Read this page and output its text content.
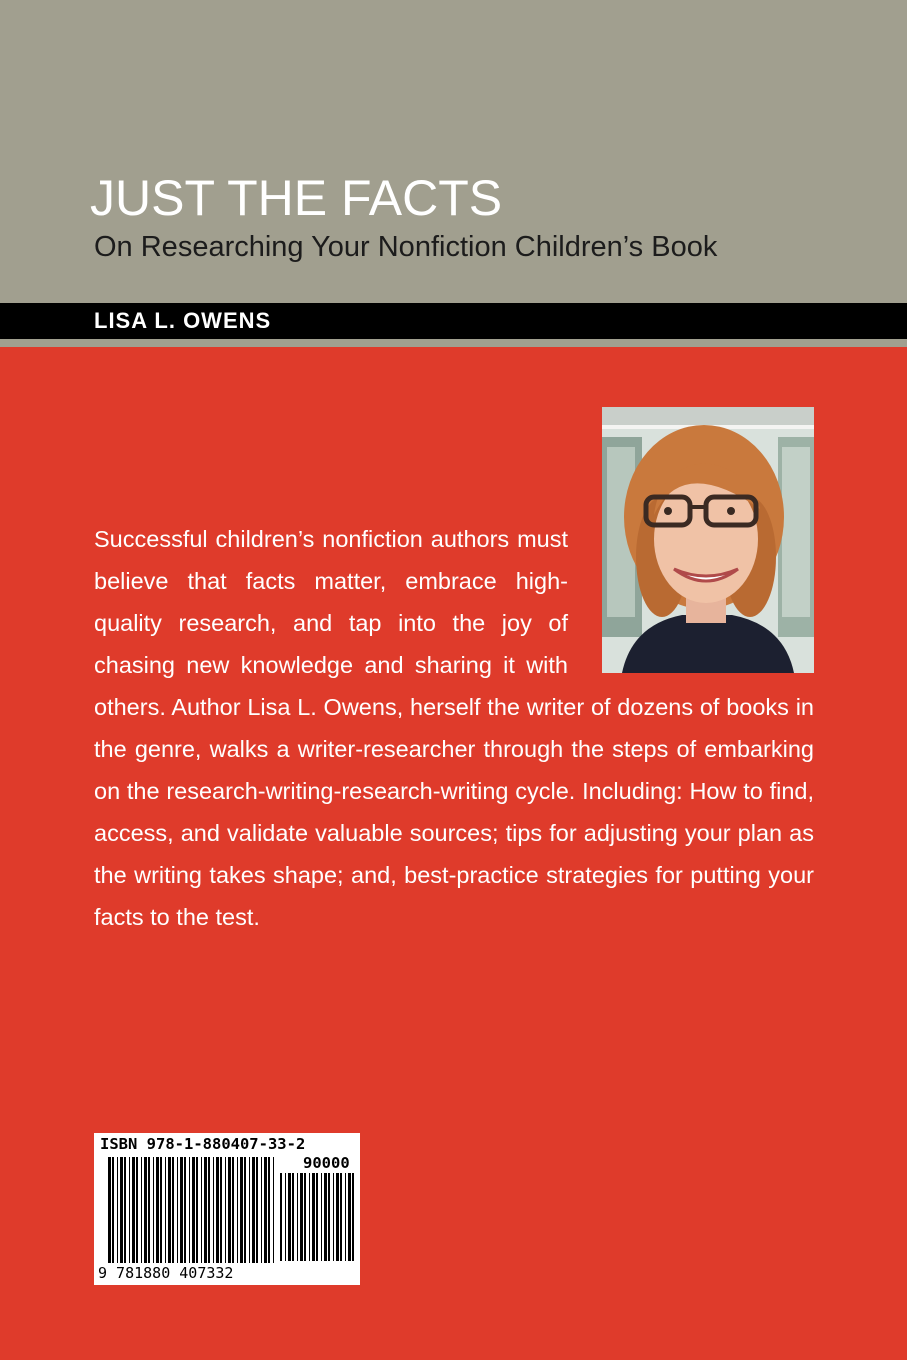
JUST THE FACTS
On Researching Your Nonfiction Children’s Book
LISA L. OWENS
Successful children’s nonfiction authors must believe that facts matter, embrace high-quality research, and tap into the joy of chasing new knowledge and sharing it with others. Author Lisa L. Owens, herself the writer of dozens of books in the genre, walks a writer-researcher through the steps of embarking on the research-writing-research-writing cycle. Including: How to find, access, and validate valuable sources; tips for adjusting your plan as the writing takes shape; and, best-practice strategies for putting your facts to the test.
ISBN 978-1-880407-33-2
90000
9 781880 407332
